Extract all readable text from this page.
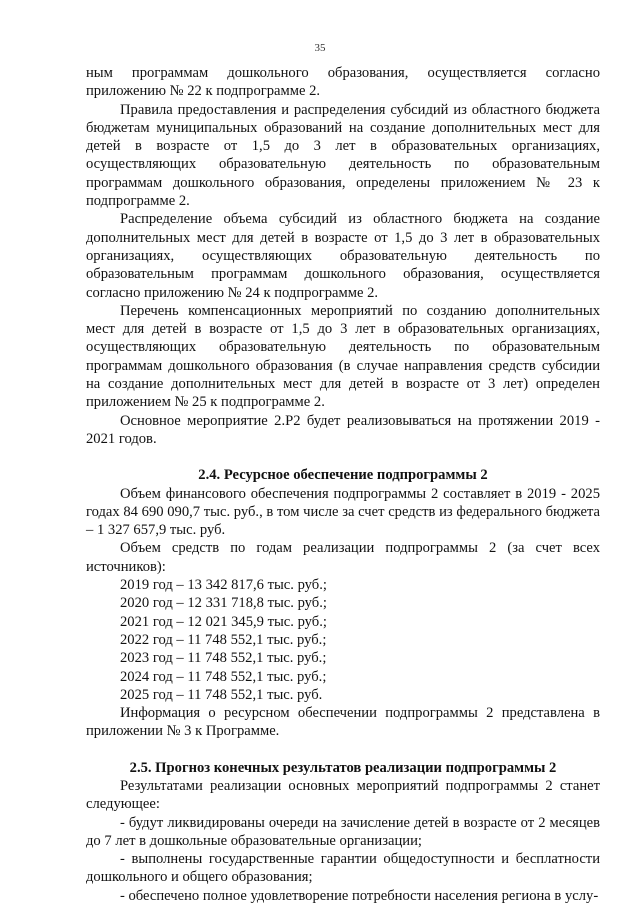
35

ным программам дошкольного образования, осуществляется согласно приложению № 22 к подпрограмме 2.

Правила предоставления и распределения субсидий из областного бюджета бюджетам муниципальных образований на создание дополнительных мест для детей в возрасте от 1,5 до 3 лет в образовательных организациях, осуществляющих образовательную деятельность по образовательным программам дошкольного образования, определены приложением № 23 к подпрограмме 2.

Распределение объема субсидий из областного бюджета на создание дополнительных мест для детей в возрасте от 1,5 до 3 лет в образовательных организациях, осуществляющих образовательную деятельность по образовательным программам дошкольного образования, осуществляется согласно приложению № 24 к подпрограмме 2.

Перечень компенсационных мероприятий по созданию дополнительных мест для детей в возрасте от 1,5 до 3 лет в образовательных организациях, осуществляющих образовательную деятельность по образовательным программам дошкольного образования (в случае направления средств субсидии на создание дополнительных мест для детей в возрасте от 3 лет) определен приложением № 25 к подпрограмме 2.

Основное мероприятие 2.Р2 будет реализовываться на протяжении 2019 - 2021 годов.

2.4. Ресурсное обеспечение подпрограммы 2

Объем финансового обеспечения подпрограммы 2 составляет в 2019 - 2025 годах 84 690 090,7 тыс. руб., в том числе за счет средств из федерального бюджета – 1 327 657,9 тыс. руб.

Объем средств по годам реализации подпрограммы 2 (за счет всех источников):

2019 год – 13 342 817,6 тыс. руб.;

2020 год – 12 331 718,8 тыс. руб.;

2021 год – 12 021 345,9 тыс. руб.;

2022 год – 11 748 552,1 тыс. руб.;

2023 год – 11 748 552,1 тыс. руб.;

2024 год – 11 748 552,1 тыс. руб.;

2025 год – 11 748 552,1 тыс. руб.

Информация о ресурсном обеспечении подпрограммы 2 представлена в приложении № 3 к Программе.

2.5. Прогноз конечных результатов реализации подпрограммы 2

Результатами реализации основных мероприятий подпрограммы 2 станет следующее:

- будут ликвидированы очереди на зачисление детей в возрасте от 2 месяцев до 7 лет в дошкольные образовательные организации;

- выполнены государственные гарантии общедоступности и бесплатности дошкольного и общего образования;

- обеспечено полное удовлетворение потребности населения региона в услу-
